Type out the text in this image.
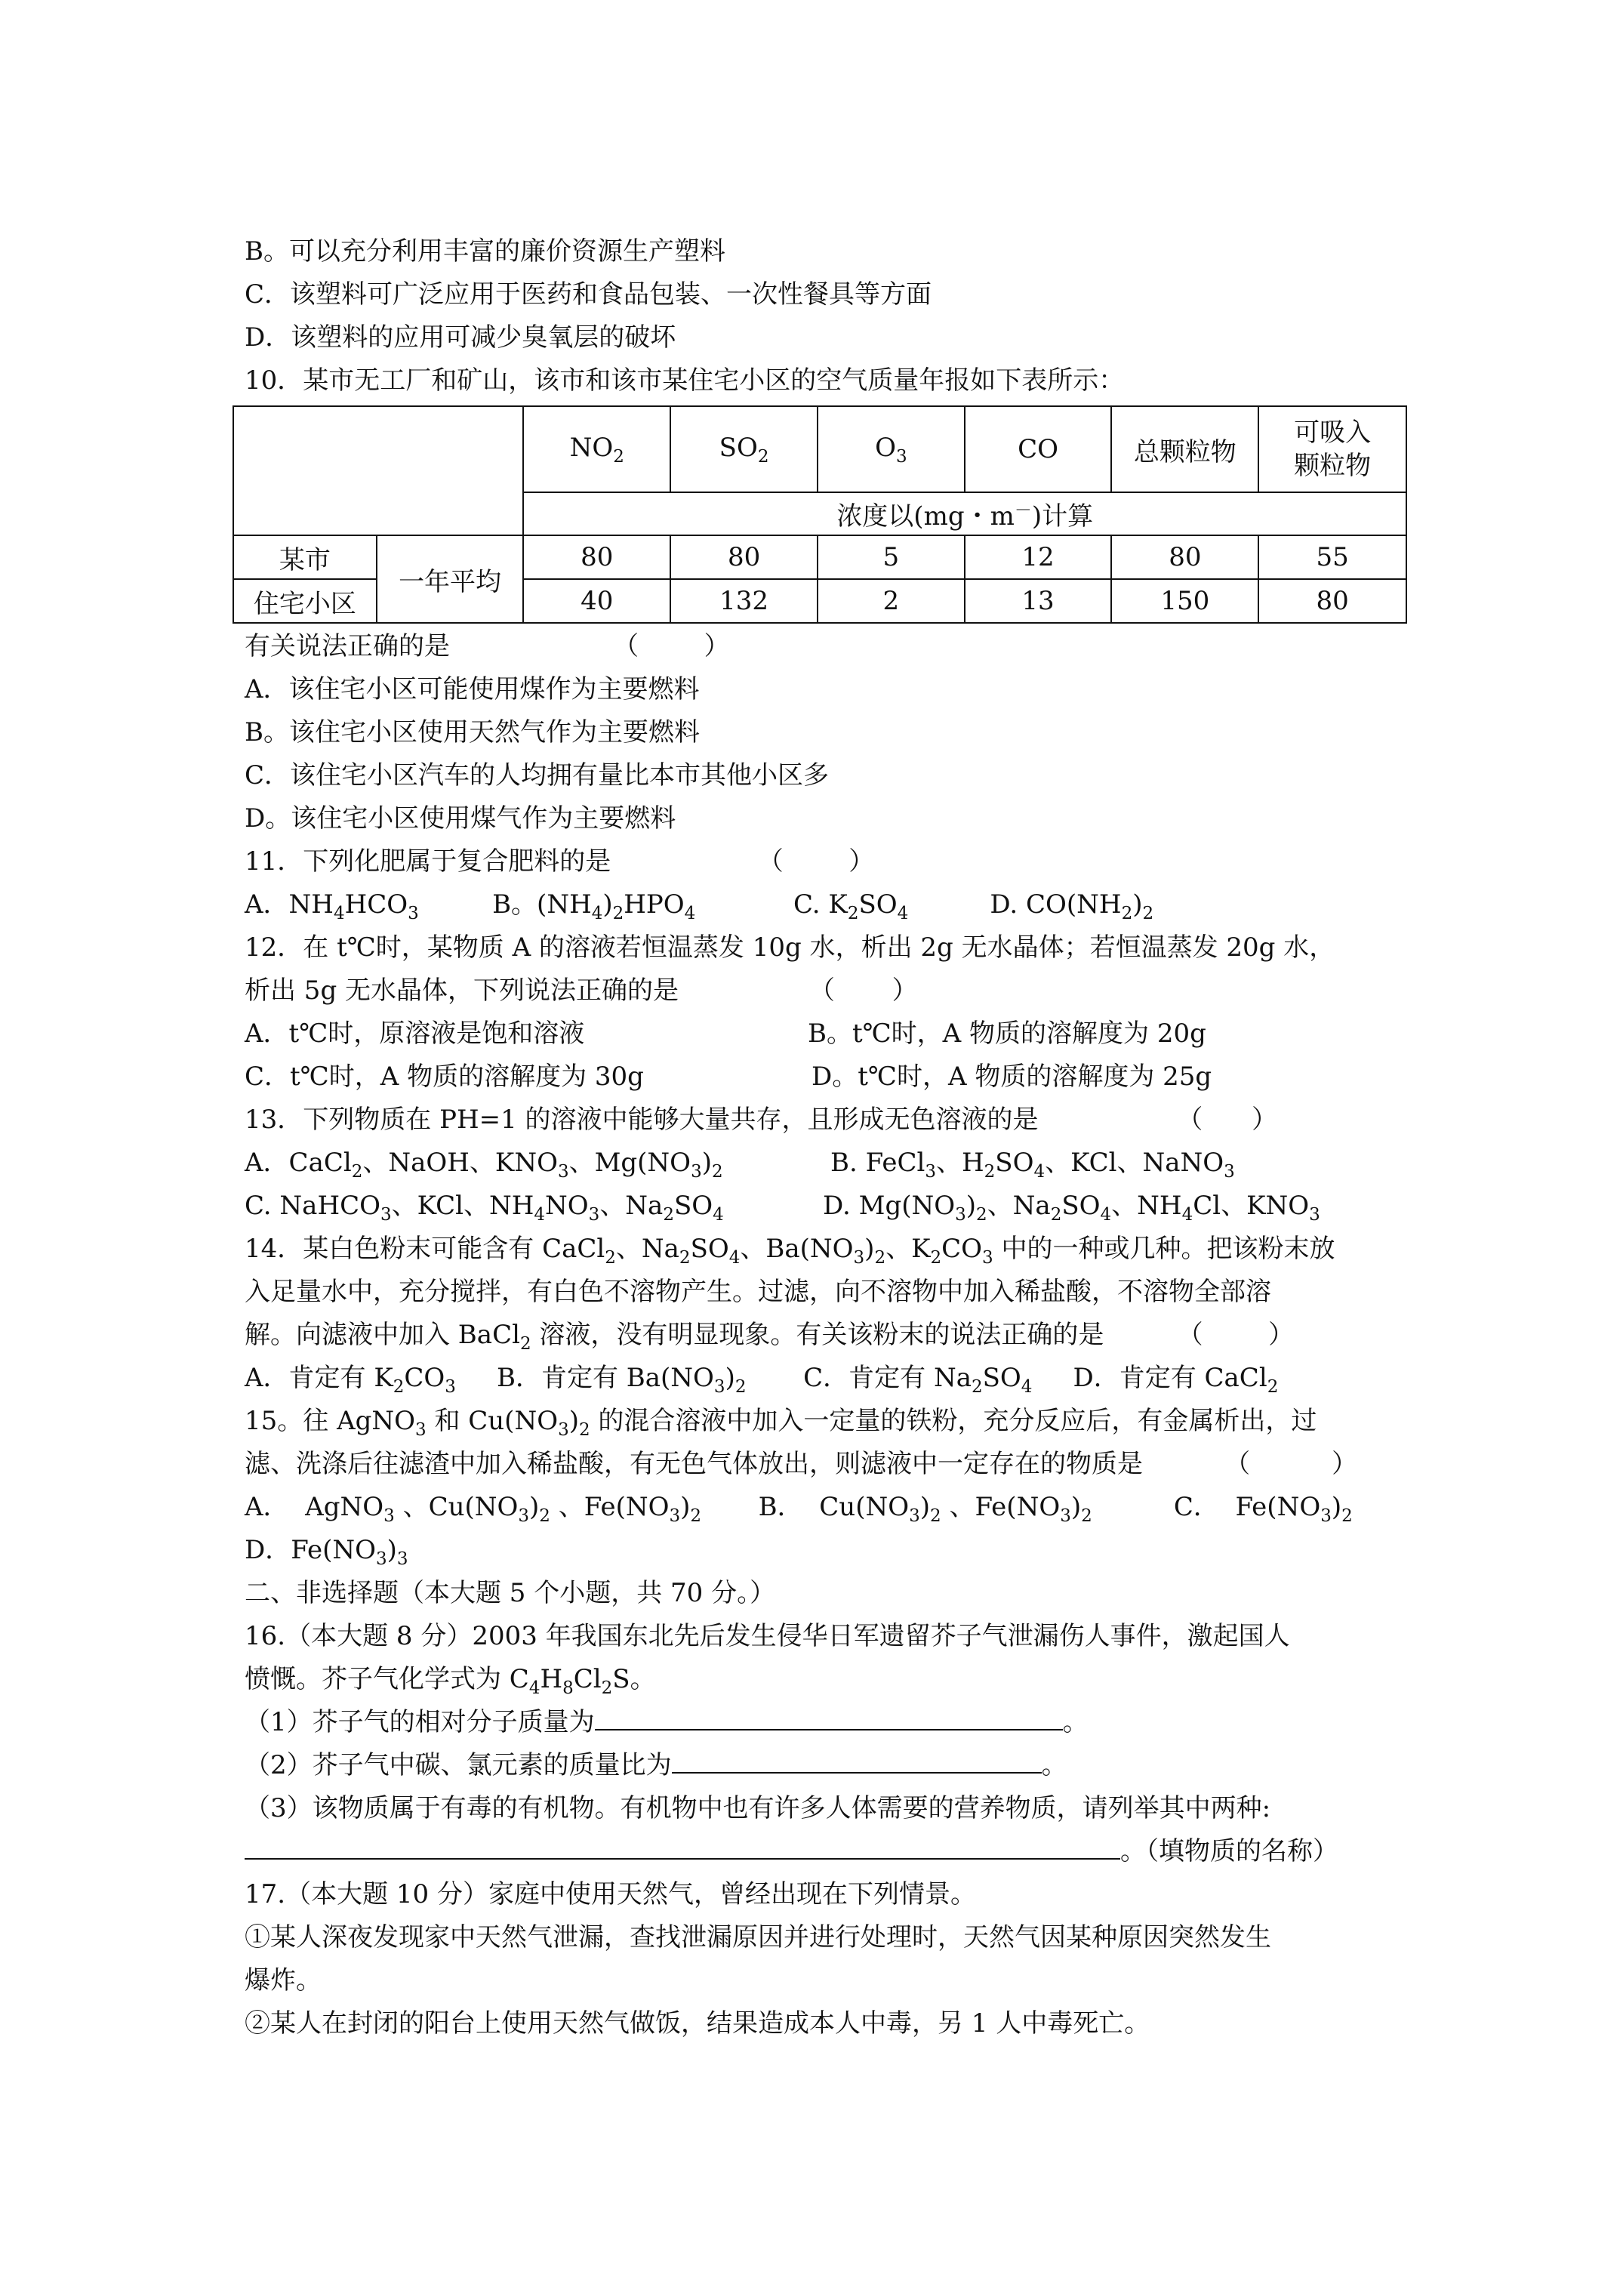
B。可以充分利用丰富的廉价资源生产塑料
C．该塑料可广泛应用于医药和食品包装、一次性餐具等方面
D．该塑料的应用可减少臭氧层的破坏
10．某市无工厂和矿山，该市和该市某住宅小区的空气质量年报如下表所示：
		$NO_2$	$SO_2$	$O_3$	CO	总颗粒物	可吸入
颗粒物
		浓度以(mg・m－)计算					
某市	一年平均	80	80	5	12	80	55
住宅小区		40	132	2	13	150	80
有关说法正确的是                    （        ）
A．该住宅小区可能使用煤作为主要燃料
B。该住宅小区使用天然气作为主要燃料
C．该住宅小区汽车的人均拥有量比本市其他小区多
D。该住宅小区使用煤气作为主要燃料
11．下列化肥属于复合肥料的是                  （        ）
A．$NH_4HCO_3$         B。$(NH_4)_2HPO_4$            C. $K_2SO_4$          D. $CO(NH_2)_2$
12．在 t℃时，某物质 A 的溶液若恒温蒸发 10g 水，析出 2g 无水晶体；若恒温蒸发 20g 水，
析出 5g 无水晶体，下列说法正确的是                （       ）
A．t℃时，原溶液是饱和溶液	B。t℃时，A 物质的溶解度为 20g
C．t℃时，A 物质的溶解度为 30g	D。t℃时，A 物质的溶解度为 25g
13．下列物质在 PH=1 的溶液中能够大量共存，且形成无色溶液的是                 （      ）
A．CaCl$_2$、NaOH、$KNO_3$、$Mg(NO_3)_2$	B. FeCl$_3$、$H_2SO_4$、KCl、NaNO$_3$
C. NaHCO$_3$、KCl、$NH_4NO_3$、$Na_2SO_4$	D. $Mg(NO_3)_2$、$Na_2SO_4$、$NH_4Cl$、$KNO_3$
14．某白色粉末可能含有 CaCl$_2$、$Na_2SO_4$、$Ba(NO_3)_2$、$K_2CO_3$ 中的一种或几种。把该粉末放
入足量水中，充分搅拌，有白色不溶物产生。过滤，向不溶物中加入稀盐酸，不溶物全部溶
解。向滤液中加入 BaCl$_2$ 溶液，没有明显现象。有关该粉末的说法正确的是         （        ）
A．肯定有 $K_2CO_3$     B．肯定有 $Ba(NO_3)_2$       C．肯定有 $Na_2SO_4$     D．肯定有 CaCl$_2$
15。往 AgNO$_3$ 和 $Cu(NO_3)_2$ 的混合溶液中加入一定量的铁粉，充分反应后，有金属析出，过
滤、洗涤后往滤渣中加入稀盐酸，有无色气体放出，则滤液中一定存在的物质是          （          ）
A．  AgNO$_3$ 、$Cu(NO_3)_2$ 、$Fe(NO_3)_2$       B．  $Cu(NO_3)_2$ 、$Fe(NO_3)_2$          C．  $Fe(NO_3)_2$
D．$Fe(NO_3)_3$
二、非选择题（本大题 5 个小题，共 70 分。）
16.（本大题 8 分）2003 年我国东北先后发生侵华日军遗留芥子气泄漏伤人事件，激起国人
愤慨。芥子气化学式为 $C_4H_8Cl_2S$。
（1）芥子气的相对分子质量为	。
（2）芥子气中碳、氯元素的质量比为	。
（3）该物质属于有毒的有机物。有机物中也有许多人体需要的营养物质，请列举其中两种:
。（填物质的名称）
17.（本大题 10 分）家庭中使用天然气，曾经出现在下列情景。
①某人深夜发现家中天然气泄漏，查找泄漏原因并进行处理时，天然气因某种原因突然发生
爆炸。
②某人在封闭的阳台上使用天然气做饭，结果造成本人中毒，另 1 人中毒死亡。
